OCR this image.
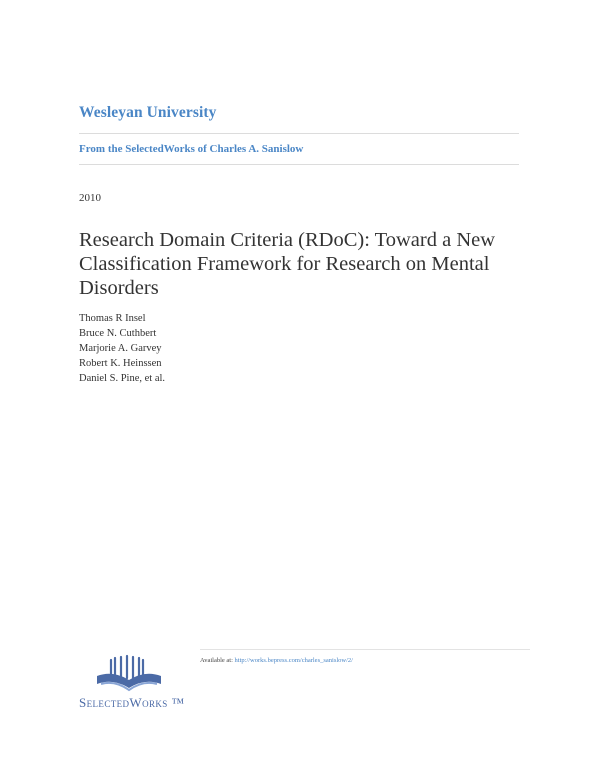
Wesleyan University
From the SelectedWorks of Charles A. Sanislow
2010
Research Domain Criteria (RDoC): Toward a New Classification Framework for Research on Mental Disorders
Thomas R Insel
Bruce N. Cuthbert
Marjorie A. Garvey
Robert K. Heinssen
Daniel S. Pine, et al.
Available at: http://works.bepress.com/charles_sanislow/2/
SelectedWorks ™
